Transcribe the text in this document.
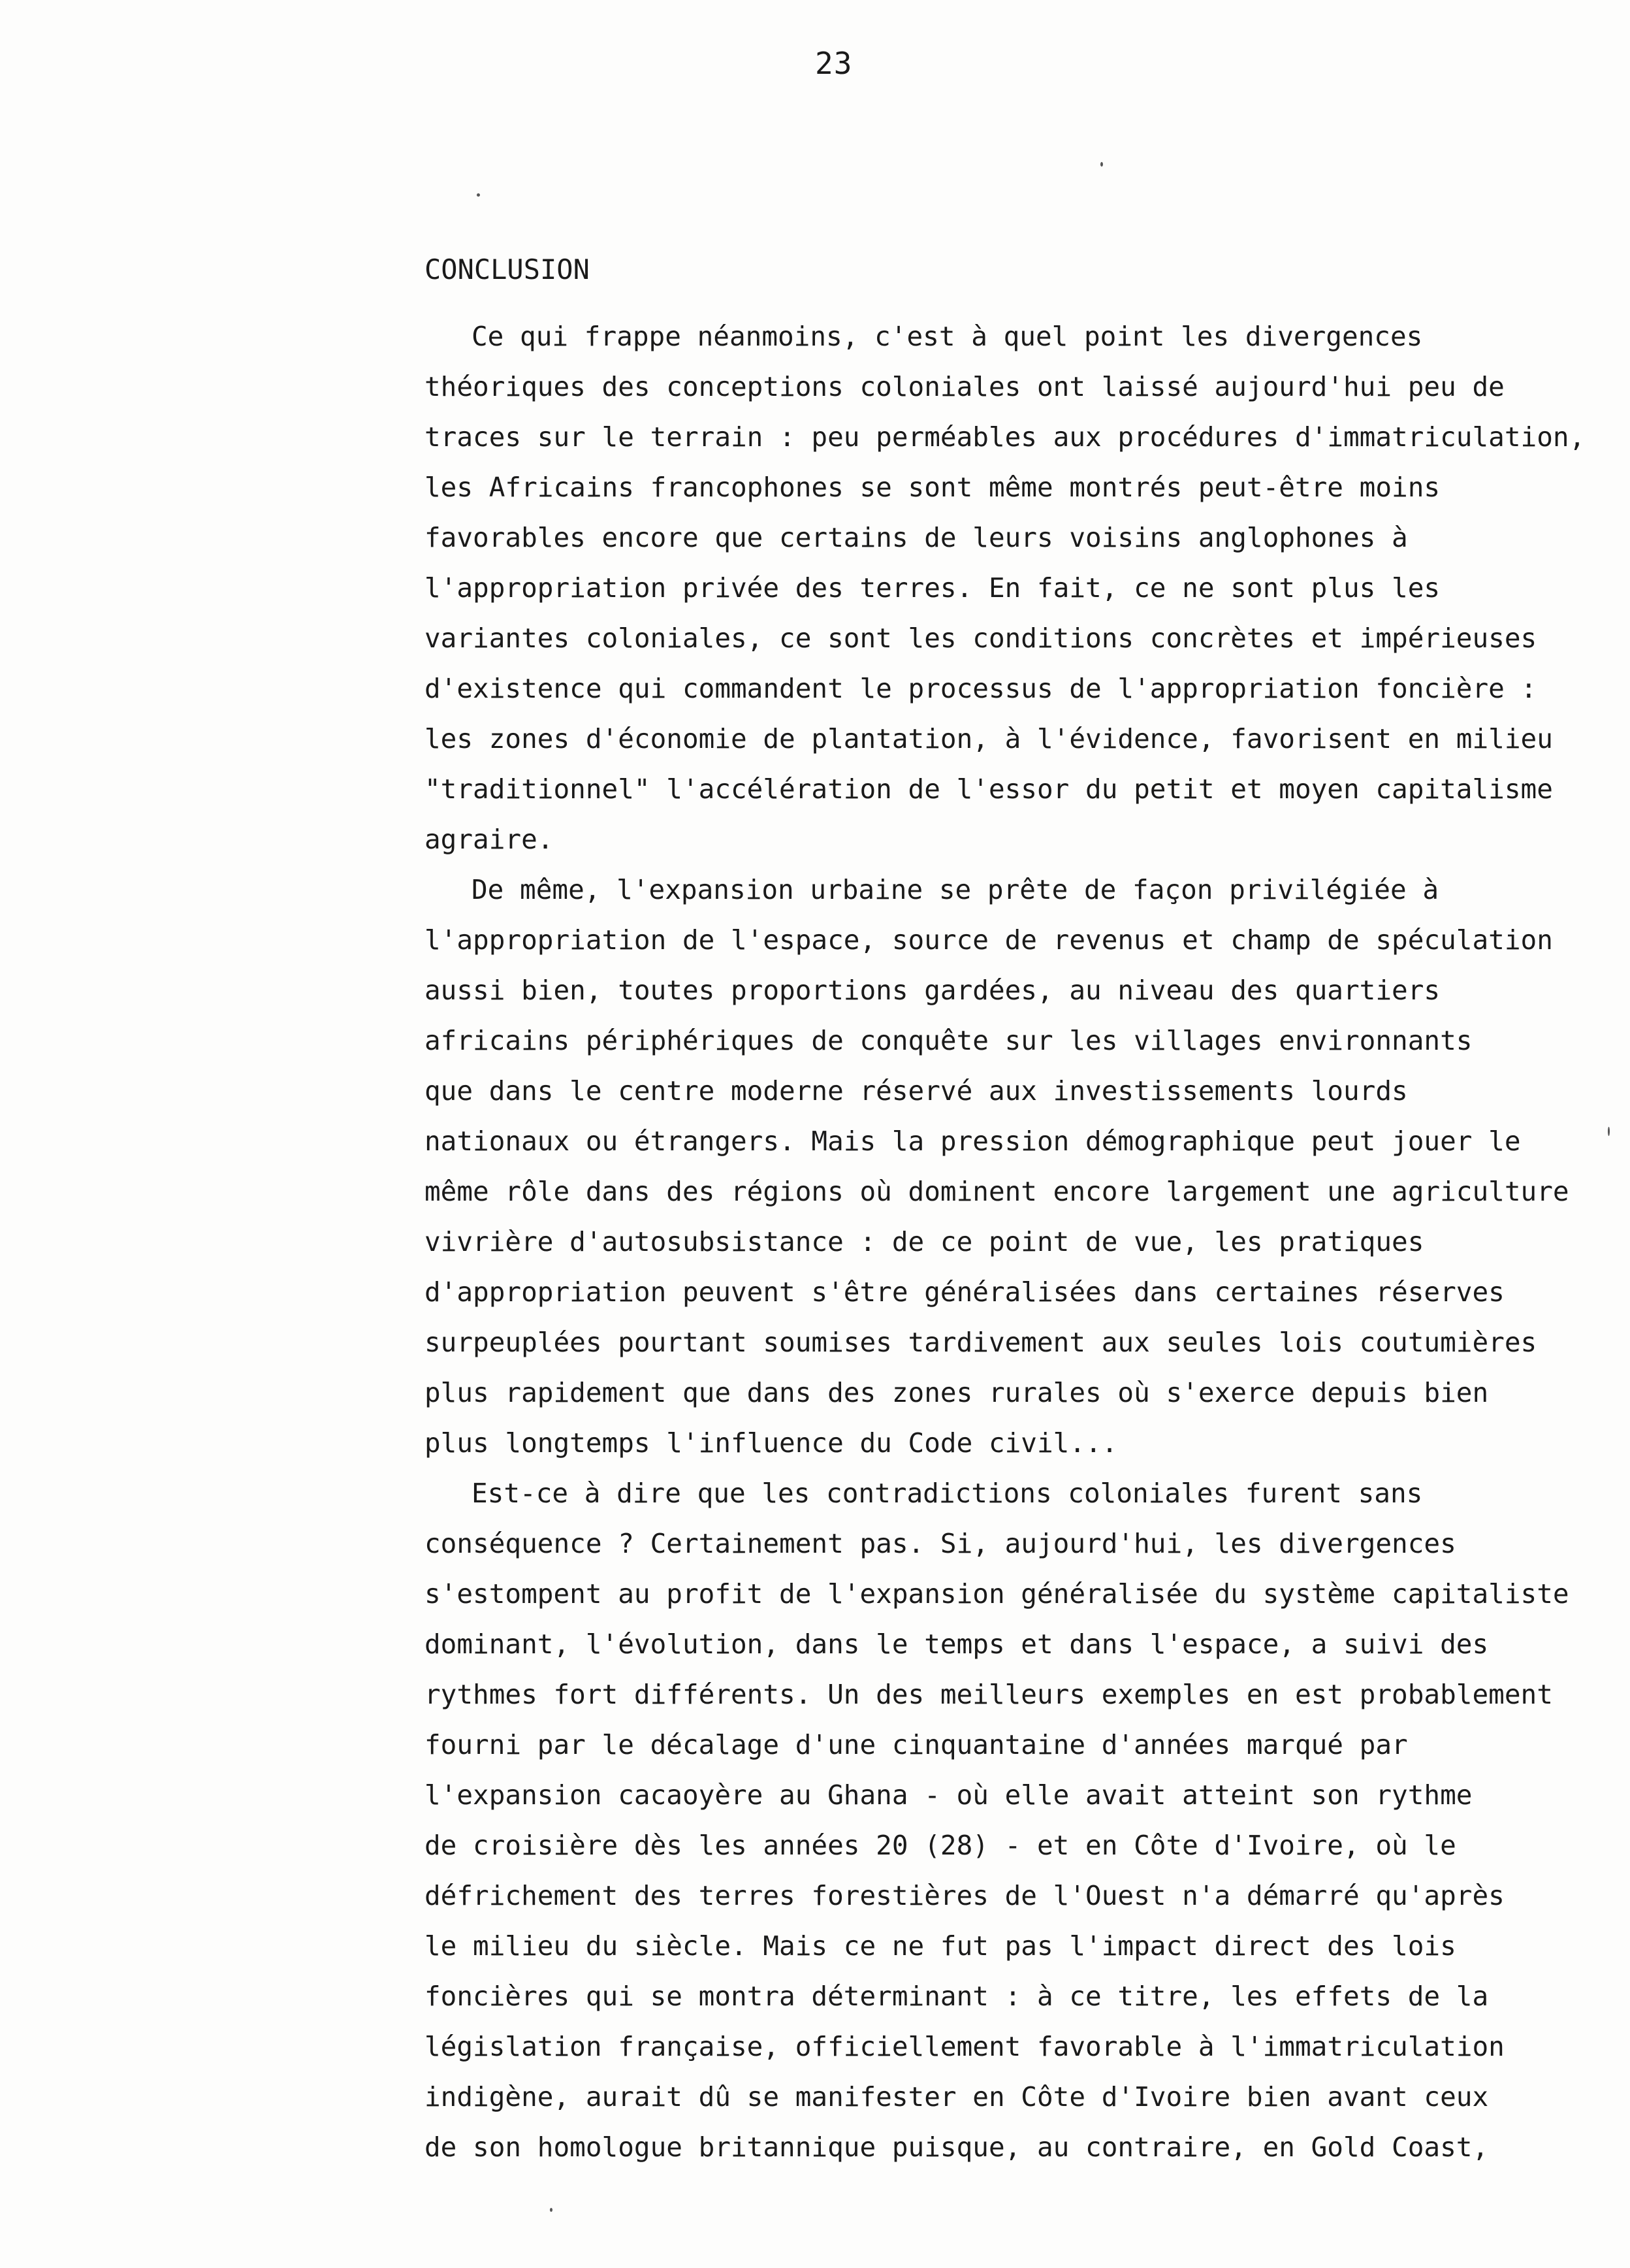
23
CONCLUSION
Ce qui frappe néanmoins, c'est à quel point les divergences
théoriques des conceptions coloniales ont laissé aujourd'hui peu de
traces sur le terrain : peu perméables aux procédures d'immatriculation,
les Africains francophones se sont même montrés peut-être moins
favorables encore que certains de leurs voisins anglophones à
l'appropriation privée des terres. En fait, ce ne sont plus les
variantes coloniales, ce sont les conditions concrètes et impérieuses
d'existence qui commandent le processus de l'appropriation foncière :
les zones d'économie de plantation, à l'évidence, favorisent en milieu
"traditionnel" l'accélération de l'essor du petit et moyen capitalisme
agraire.
De même, l'expansion urbaine se prête de façon privilégiée à
l'appropriation de l'espace, source de revenus et champ de spéculation
aussi bien, toutes proportions gardées, au niveau des quartiers
africains périphériques de conquête sur les villages environnants
que dans le centre moderne réservé aux investissements lourds
nationaux ou étrangers. Mais la pression démographique peut jouer le
même rôle dans des régions où dominent encore largement une agriculture
vivrière d'autosubsistance : de ce point de vue, les pratiques
d'appropriation peuvent s'être généralisées dans certaines réserves
surpeuplées pourtant soumises tardivement aux seules lois coutumières
plus rapidement que dans des zones rurales où s'exerce depuis bien
plus longtemps l'influence du Code civil...
Est-ce à dire que les contradictions coloniales furent sans
conséquence ? Certainement pas. Si, aujourd'hui, les divergences
s'estompent au profit de l'expansion généralisée du système capitaliste
dominant, l'évolution, dans le temps et dans l'espace, a suivi des
rythmes fort différents. Un des meilleurs exemples en est probablement
fourni par le décalage d'une cinquantaine d'années marqué par
l'expansion cacaoyère au Ghana - où elle avait atteint son rythme
de croisière dès les années 20 (28) - et en Côte d'Ivoire, où le
défrichement des terres forestières de l'Ouest n'a démarré qu'après
le milieu du siècle. Mais ce ne fut pas l'impact direct des lois
foncières qui se montra déterminant : à ce titre, les effets de la
législation française, officiellement favorable à l'immatriculation
indigène, aurait dû se manifester en Côte d'Ivoire bien avant ceux
de son homologue britannique puisque, au contraire, en Gold Coast,
